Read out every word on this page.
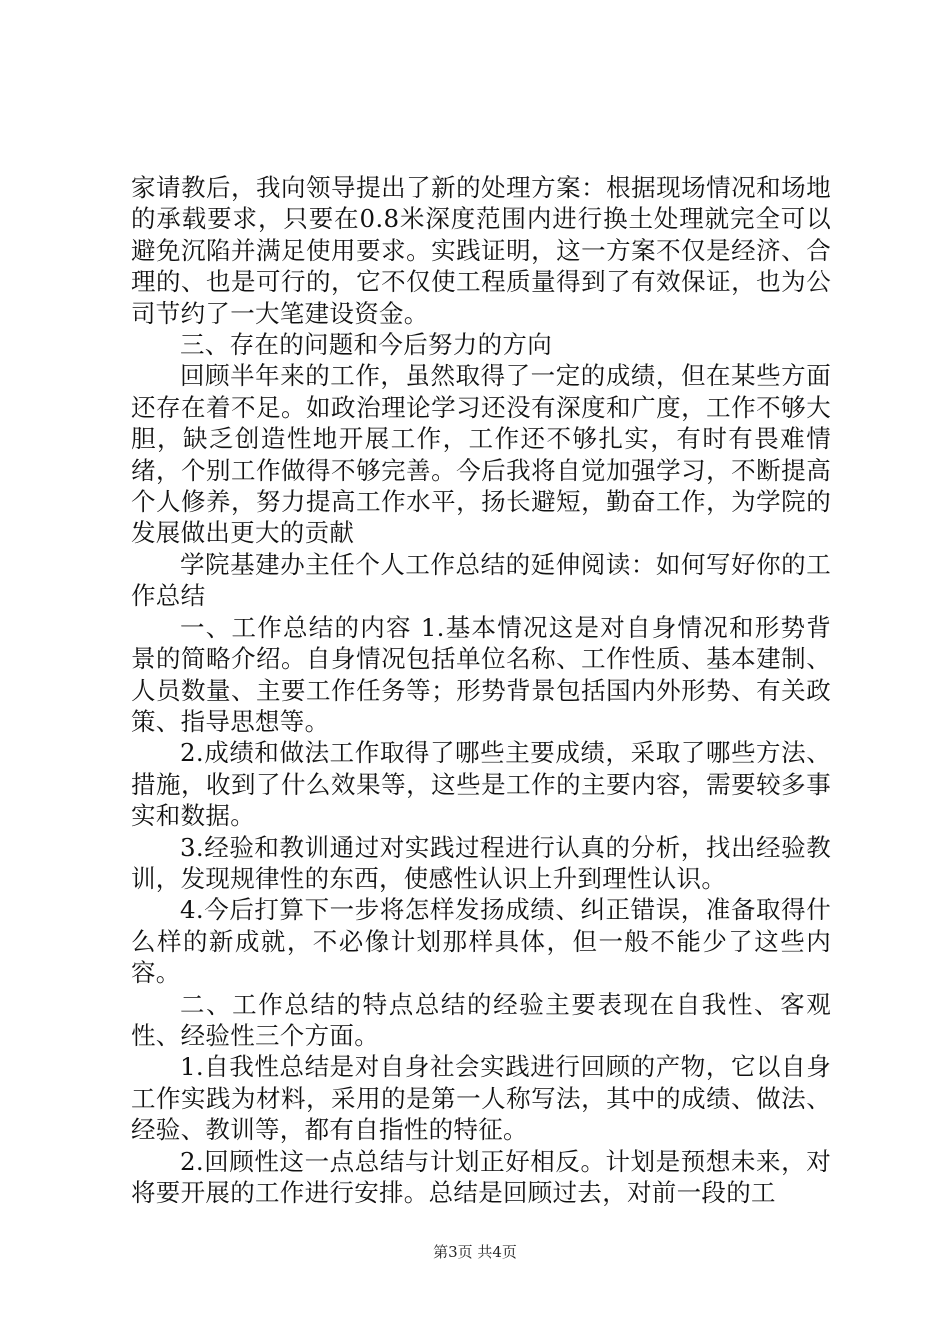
家请教后，我向领导提出了新的处理方案：根据现场情况和场地的承载要求，只要在0.8米深度范围内进行换土处理就完全可以避免沉陷并满足使用要求。实践证明，这一方案不仅是经济、合理的、也是可行的，它不仅使工程质量得到了有效保证，也为公司节约了一大笔建设资金。

三、存在的问题和今后努力的方向

回顾半年来的工作，虽然取得了一定的成绩，但在某些方面还存在着不足。如政治理论学习还没有深度和广度，工作不够大胆，缺乏创造性地开展工作，工作还不够扎实，有时有畏难情绪，个别工作做得不够完善。今后我将自觉加强学习，不断提高个人修养，努力提高工作水平，扬长避短，勤奋工作，为学院的发展做出更大的贡献

学院基建办主任个人工作总结的延伸阅读：如何写好你的工作总结

一、工作总结的内容 1.基本情况这是对自身情况和形势背景的简略介绍。自身情况包括单位名称、工作性质、基本建制、人员数量、主要工作任务等；形势背景包括国内外形势、有关政策、指导思想等。

2.成绩和做法工作取得了哪些主要成绩，采取了哪些方法、措施，收到了什么效果等，这些是工作的主要内容，需要较多事实和数据。

3.经验和教训通过对实践过程进行认真的分析，找出经验教训，发现规律性的东西，使感性认识上升到理性认识。

4.今后打算下一步将怎样发扬成绩、纠正错误，准备取得什么样的新成就，不必像计划那样具体，但一般不能少了这些内容。

二、工作总结的特点总结的经验主要表现在自我性、客观性、经验性三个方面。

1.自我性总结是对自身社会实践进行回顾的产物，它以自身工作实践为材料，采用的是第一人称写法，其中的成绩、做法、经验、教训等，都有自指性的特征。

2.回顾性这一点总结与计划正好相反。计划是预想未来，对将要开展的工作进行安排。总结是回顾过去，对前一段的工

第3页 共4页
